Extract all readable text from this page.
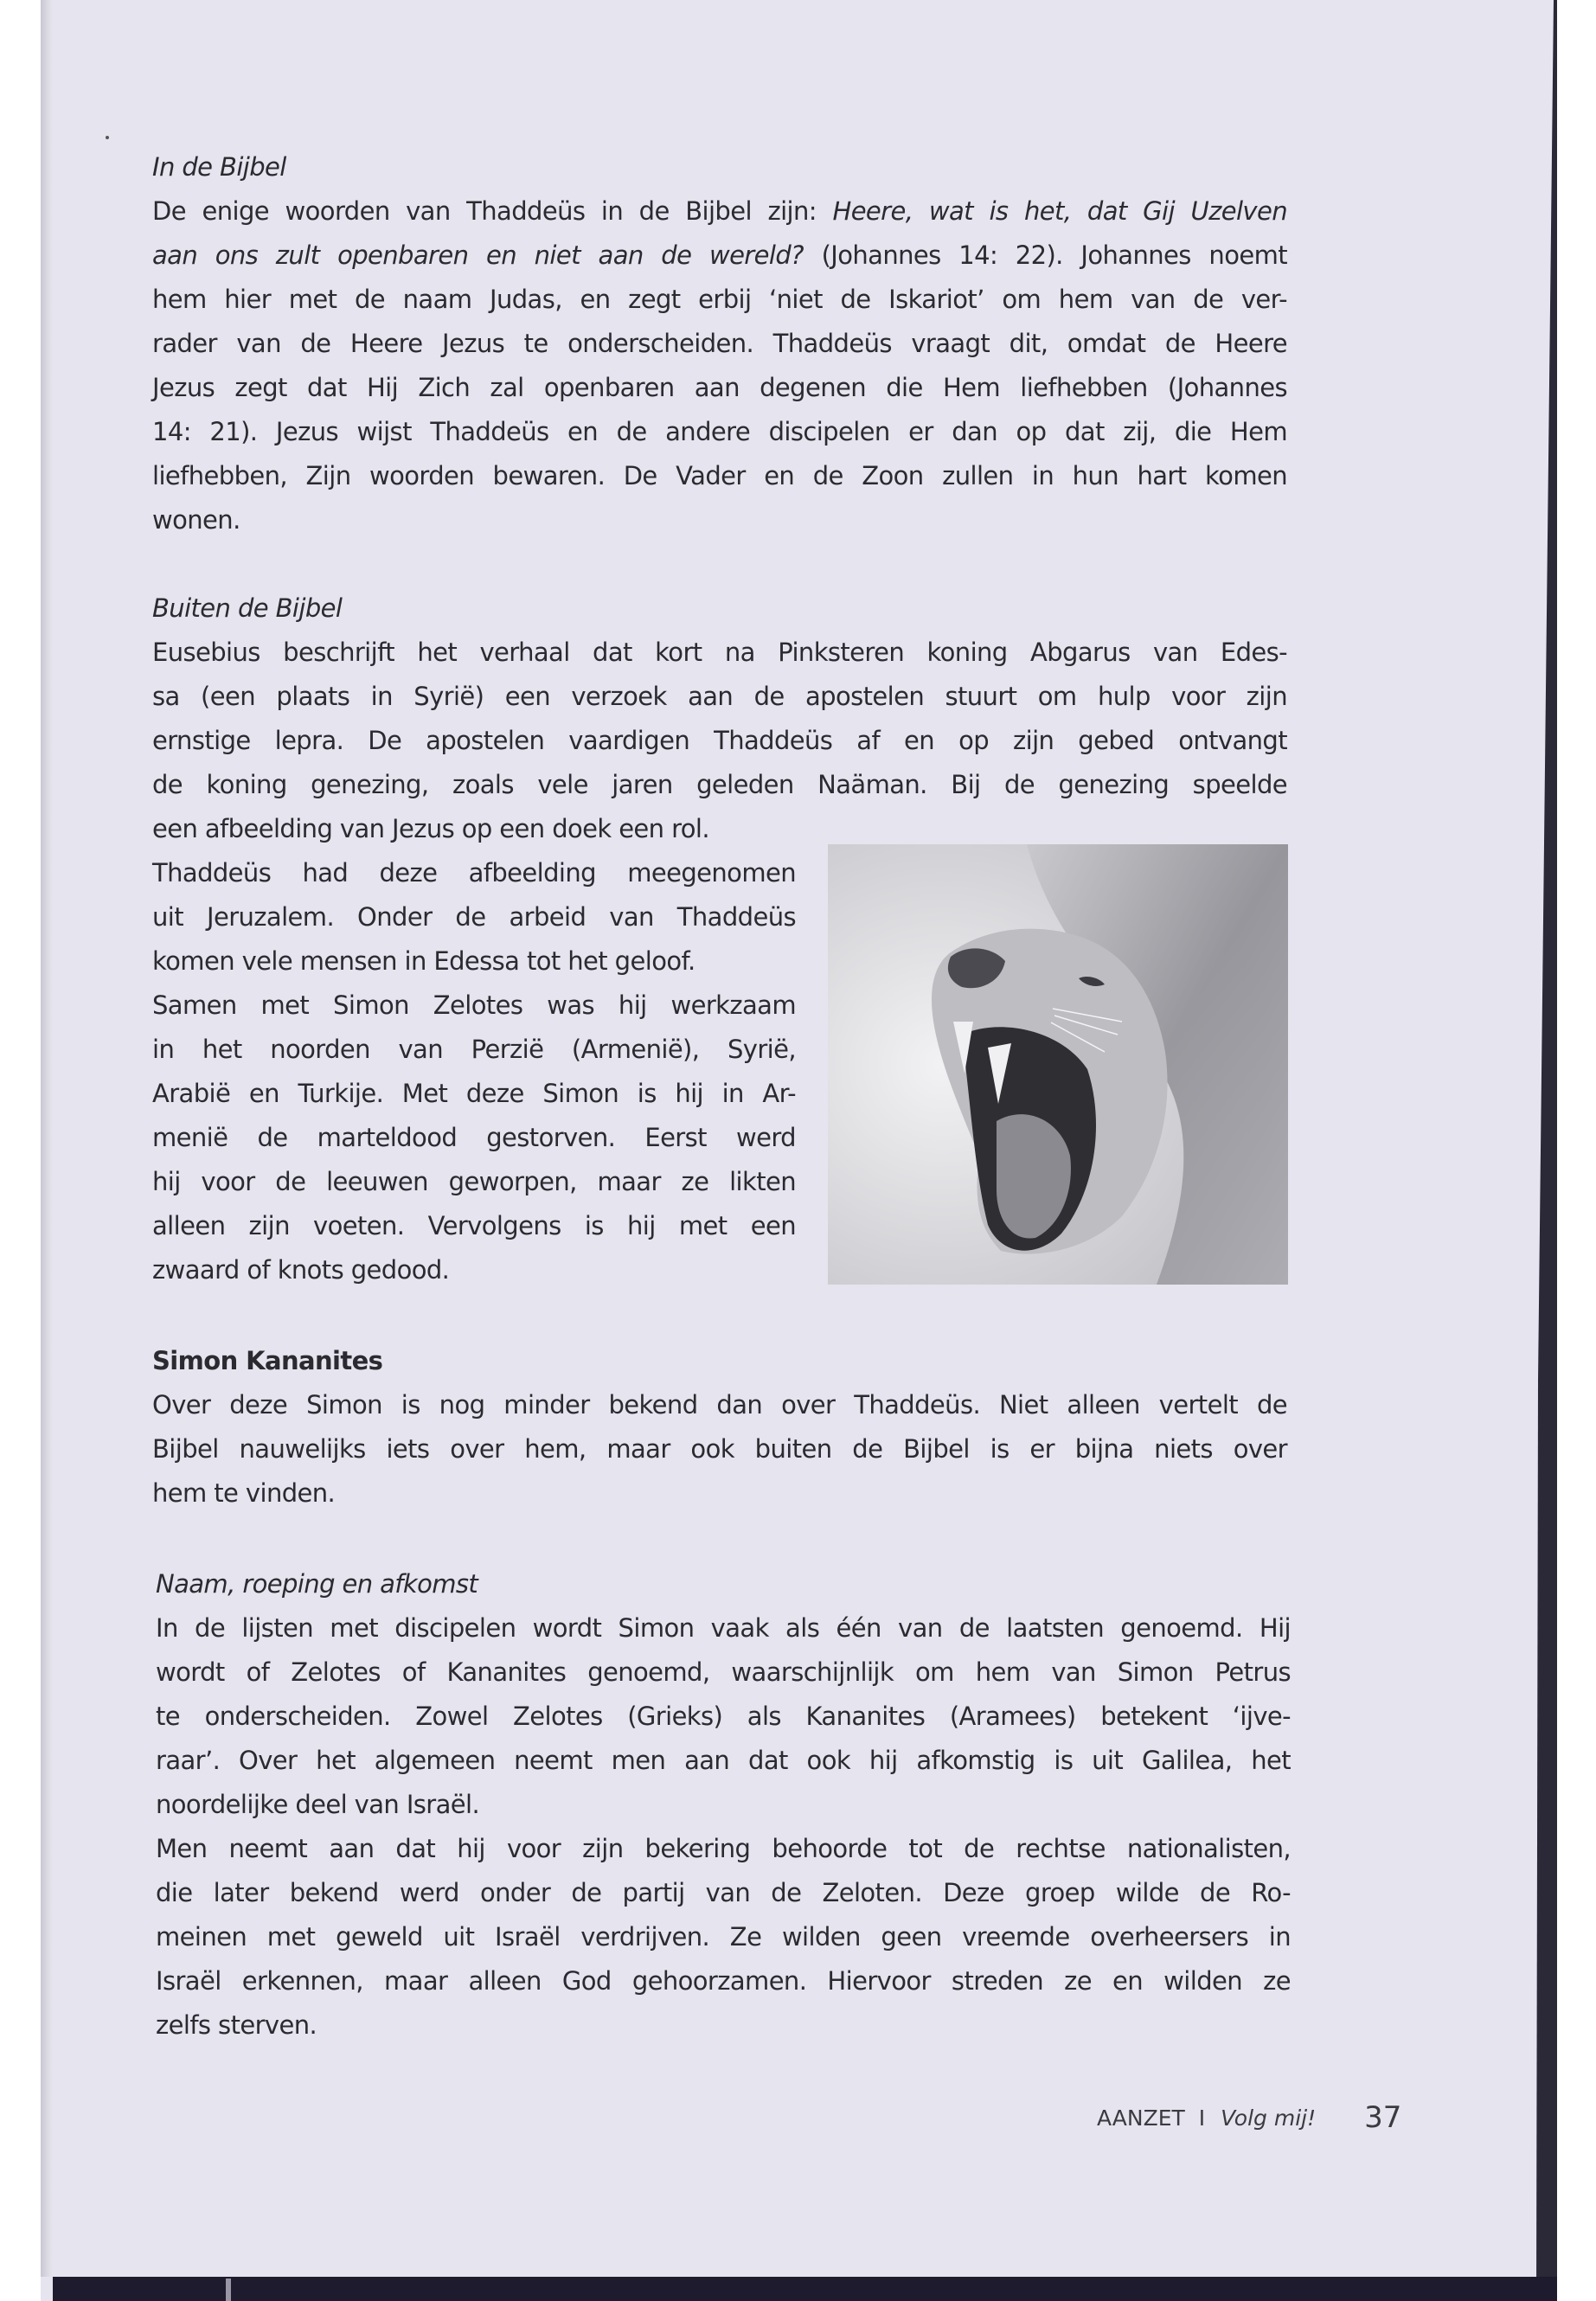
In de Bijbel
De enige woorden van Thaddeüs in de Bijbel zijn: Heere, wat is het, dat Gij Uzelven
aan ons zult openbaren en niet aan de wereld? (Johannes 14: 22). Johannes noemt
hem hier met de naam Judas, en zegt erbij ‘niet de Iskariot’ om hem van de ver-
rader van de Heere Jezus te onderscheiden. Thaddeüs vraagt dit, omdat de Heere
Jezus zegt dat Hij Zich zal openbaren aan degenen die Hem liefhebben (Johannes
14: 21). Jezus wijst Thaddeüs en de andere discipelen er dan op dat zij, die Hem
liefhebben, Zijn woorden bewaren. De Vader en de Zoon zullen in hun hart komen
wonen.
Buiten de Bijbel
Eusebius beschrijft het verhaal dat kort na Pinksteren koning Abgarus van Edes-
sa (een plaats in Syrië) een verzoek aan de apostelen stuurt om hulp voor zijn
ernstige lepra. De apostelen vaardigen Thaddeüs af en op zijn gebed ontvangt
de koning genezing, zoals vele jaren geleden Naäman. Bij de genezing speelde
een afbeelding van Jezus op een doek een rol.
Thaddeüs had deze afbeelding meegenomen
uit Jeruzalem. Onder de arbeid van Thaddeüs
komen vele mensen in Edessa tot het geloof.
Samen met Simon Zelotes was hij werkzaam
in het noorden van Perzië (Armenië), Syrië,
Arabië en Turkije. Met deze Simon is hij in Ar-
menië de marteldood gestorven. Eerst werd
hij voor de leeuwen geworpen, maar ze likten
alleen zijn voeten. Vervolgens is hij met een
zwaard of knots gedood.
Simon Kananites
Over deze Simon is nog minder bekend dan over Thaddeüs. Niet alleen vertelt de
Bijbel nauwelijks iets over hem, maar ook buiten de Bijbel is er bijna niets over
hem te vinden.
Naam, roeping en afkomst
In de lijsten met discipelen wordt Simon vaak als één van de laatsten genoemd. Hij
wordt of Zelotes of Kananites genoemd, waarschijnlijk om hem van Simon Petrus
te onderscheiden. Zowel Zelotes (Grieks) als Kananites (Aramees) betekent ‘ijve-
raar’. Over het algemeen neemt men aan dat ook hij afkomstig is uit Galilea, het
noordelijke deel van Israël.
Men neemt aan dat hij voor zijn bekering behoorde tot de rechtse nationalisten,
die later bekend werd onder de partij van de Zeloten. Deze groep wilde de Ro-
meinen met geweld uit Israël verdrijven. Ze wilden geen vreemde overheersers in
Israël erkennen, maar alleen God gehoorzamen. Hiervoor streden ze en wilden ze
zelfs sterven.
AANZET I Volg mij! 37
